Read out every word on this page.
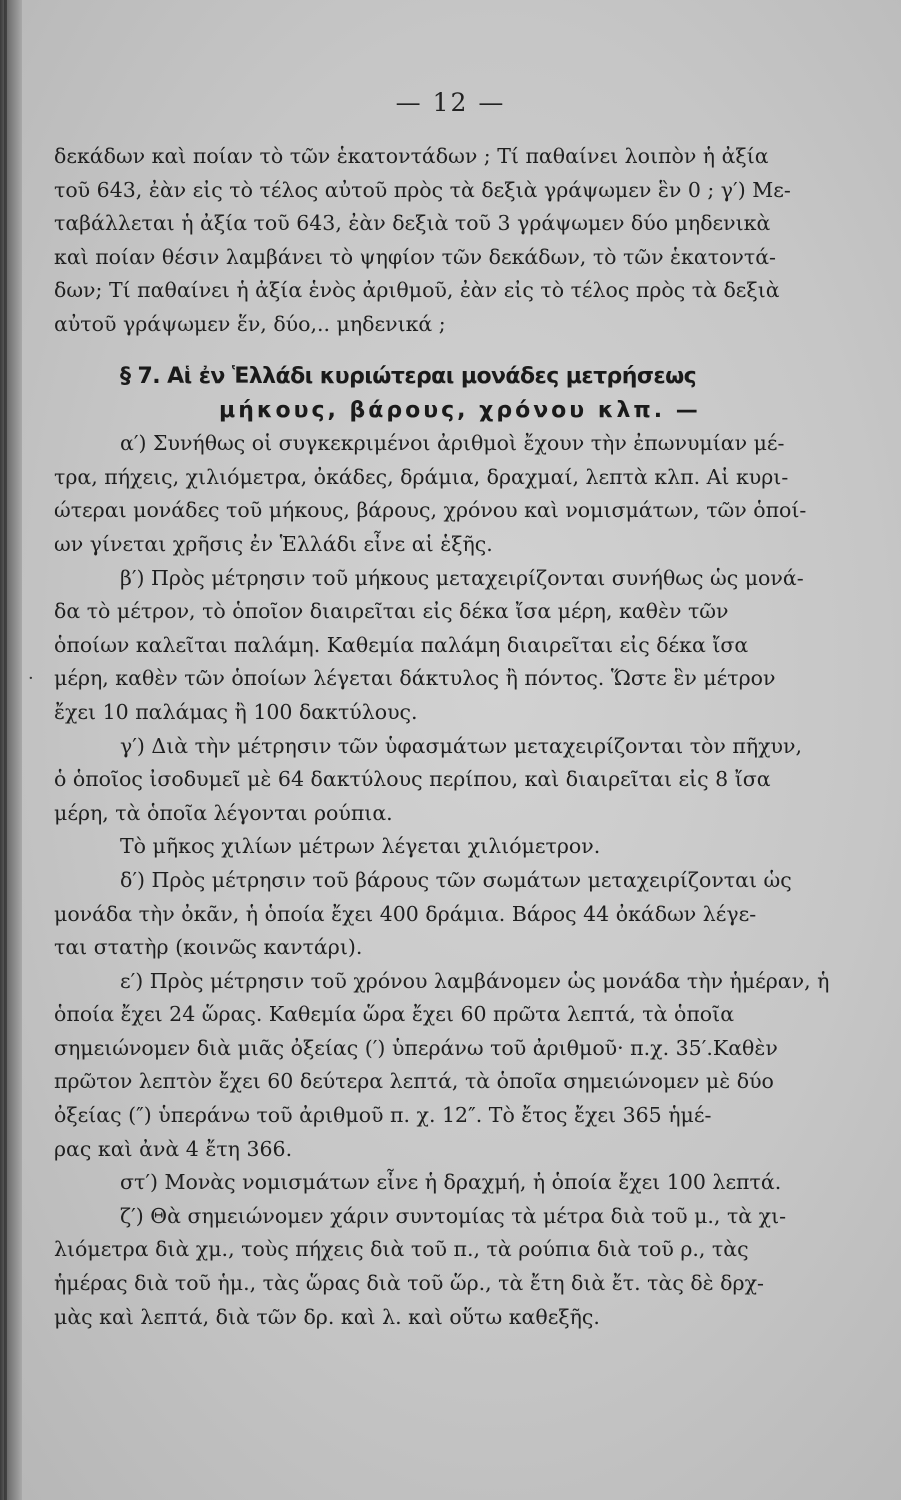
— 12 —
δεκάδων καὶ ποίαν τὸ τῶν ἑκατοντάδων ; Τί παθαίνει λοιπὸν ἡ ἀξία
τοῦ 643, ἐὰν εἰς τὸ τέλος αὐτοῦ πρὸς τὰ δεξιὰ γράψωμεν ἓν 0 ; γ′) Με-
ταβάλλεται ἡ ἀξία τοῦ 643, ἐὰν δεξιὰ τοῦ 3 γράψωμεν δύο μηδενικὰ
καὶ ποίαν θέσιν λαμβάνει τὸ ψηφίον τῶν δεκάδων, τὸ τῶν ἑκατοντά-
δων; Τί παθαίνει ἡ ἀξία ἑνὸς ἀριθμοῦ, ἐὰν εἰς τὸ τέλος πρὸς τὰ δεξιὰ
αὐτοῦ γράψωμεν ἕν, δύο,.. μηδενικά ;
§ 7. Αἱ ἐν Ἑλλάδι κυριώτεραι μονάδες μετρήσεως
μήκους, βάρους, χρόνου κλπ. —
α′) Συνήθως οἱ συγκεκριμένοι ἀριθμοὶ ἔχουν τὴν ἐπωνυμίαν μέ-
τρα, πήχεις, χιλιόμετρα, ὀκάδες, δράμια, δραχμαί, λεπτὰ κλπ. Αἱ κυρι-
ώτεραι μονάδες τοῦ μήκους, βάρους, χρόνου καὶ νομισμάτων, τῶν ὁποί-
ων γίνεται χρῆσις ἐν Ἑλλάδι εἶνε αἱ ἑξῆς.
β′) Πρὸς μέτρησιν τοῦ μήκους μεταχειρίζονται συνήθως ὡς μονά-
δα τὸ μέτρον, τὸ ὁποῖον διαιρεῖται εἰς δέκα ἴσα μέρη, καθὲν τῶν
ὁποίων καλεῖται παλάμη. Καθεμία παλάμη διαιρεῖται εἰς δέκα ἴσα
μέρη, καθὲν τῶν ὁποίων λέγεται δάκτυλος ἢ πόντος. Ὥστε ἓν μέτρον
ἔχει 10 παλάμας ἢ 100 δακτύλους.
γ′) Διὰ τὴν μέτρησιν τῶν ὑφασμάτων μεταχειρίζονται τὸν πῆχυν,
ὁ ὁποῖος ἰσοδυμεῖ μὲ 64 δακτύλους περίπου, καὶ διαιρεῖται εἰς 8 ἴσα
μέρη, τὰ ὁποῖα λέγονται ρούπια.
Τὸ μῆκος χιλίων μέτρων λέγεται χιλιόμετρον.
δ′) Πρὸς μέτρησιν τοῦ βάρους τῶν σωμάτων μεταχειρίζονται ὡς
μονάδα τὴν ὀκᾶν, ἡ ὁποία ἔχει 400 δράμια. Βάρος 44 ὀκάδων λέγε-
ται στατὴρ (κοινῶς καντάρι).
ε′) Πρὸς μέτρησιν τοῦ χρόνου λαμβάνομεν ὡς μονάδα τὴν ἡμέραν, ἡ
ὁποία ἔχει 24 ὥρας. Καθεμία ὥρα ἔχει 60 πρῶτα λεπτά, τὰ ὁποῖα
σημειώνομεν διὰ μιᾶς ὀξείας (′) ὑπεράνω τοῦ ἀριθμοῦ· π.χ. 35′.Καθὲν
πρῶτον λεπτὸν ἔχει 60 δεύτερα λεπτά, τὰ ὁποῖα σημειώνομεν μὲ δύο
ὀξείας (″) ὑπεράνω τοῦ ἀριθμοῦ π. χ. 12″. Τὸ ἔτος ἔχει 365 ἡμέ-
ρας καὶ ἀνὰ 4 ἔτη 366.
στ′) Μονὰς νομισμάτων εἶνε ἡ δραχμή, ἡ ὁποία ἔχει 100 λεπτά.
ζ′) Θὰ σημειώνομεν χάριν συντομίας τὰ μέτρα διὰ τοῦ μ., τὰ χι-
λιόμετρα διὰ χμ., τοὺς πήχεις διὰ τοῦ π., τὰ ρούπια διὰ τοῦ ρ., τὰς
ἡμέρας διὰ τοῦ ἡμ., τὰς ὥρας διὰ τοῦ ὥρ., τὰ ἔτη διὰ ἔτ. τὰς δὲ δρχ-
μὰς καὶ λεπτά, διὰ τῶν δρ. καὶ λ. καὶ οὕτω καθεξῆς.
·
